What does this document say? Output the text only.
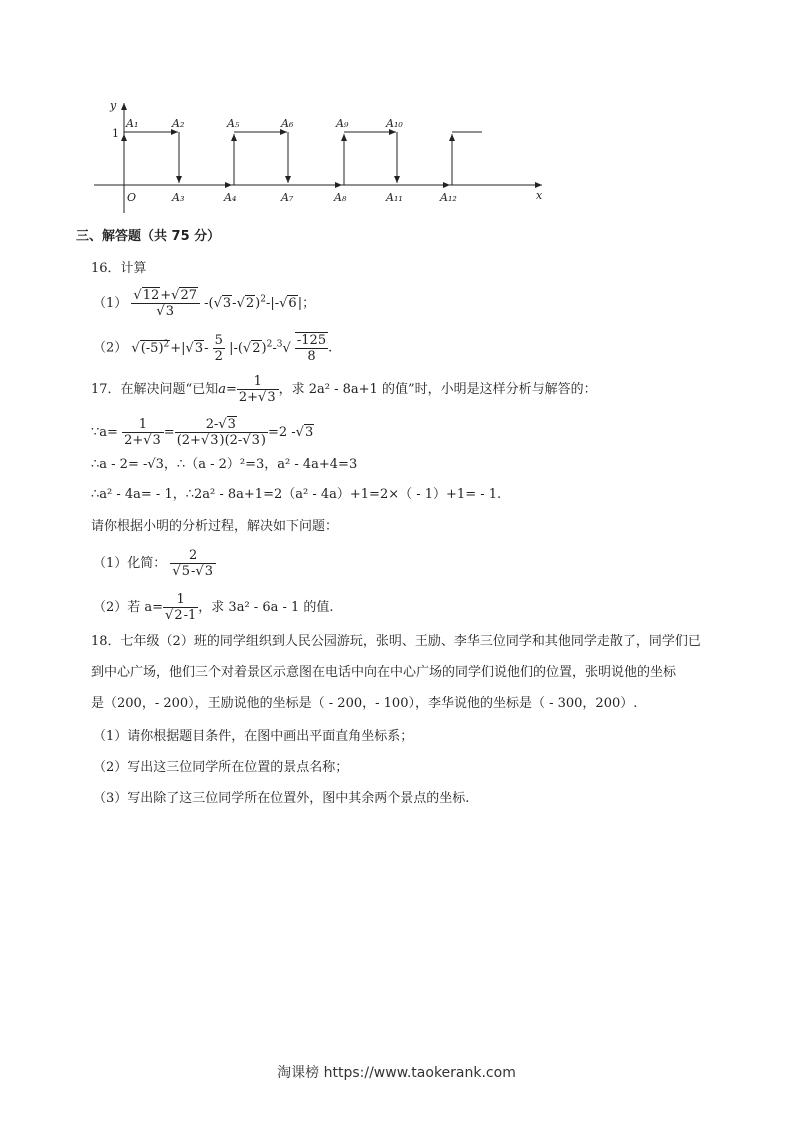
y
x
O
1
A₁	A₂	A₅	A₆	A₉	A₁₀
A₃	A₄	A₇	A₈	A₁₁	A₁₂
三、解答题（共 75 分）
16．计算
$(1) \frac{√12+√27}{√3} -(√3-√2)^2-|-√6|$；
（2） $√(-5)^2+|√3- \frac{5}{2} |-(√2)^2-^3√ \frac{-125}{8}$ .
17．在解决问题“已知$a= \frac{1}{2+√3}$ ，求 2a² - 8a+1 的值”时，小明是这样分析与解答的：
∵a= $\frac{1}{2+√3} = \frac{2-√3}{(2+√3)(2-√3)} =2$ -√3
∴a - 2= -√3，∴（a - 2）²=3，a² - 4a+4=3
∴a² - 4a= - 1，∴2a² - 8a+1=2（a² - 4a）+1=2×（ - 1）+1= - 1.
请你根据小明的分析过程，解决如下问题：
（1）化简： $\frac{2}{√5-√3}$
（2）若 $a= \frac{1}{√2-1}$ ，求 3a² - 6a - 1 的值.
18．七年级（2）班的同学组织到人民公园游玩，张明、王励、李华三位同学和其他同学走散了，同学们已
到中心广场，他们三个对着景区示意图在电话中向在中心广场的同学们说他们的位置，张明说他的坐标
是（200，- 200），王励说他的坐标是（ - 200，- 100），李华说他的坐标是（ - 300，200）.
（1）请你根据题目条件，在图中画出平面直角坐标系；
（2）写出这三位同学所在位置的景点名称；
（3）写出除了这三位同学所在位置外，图中其余两个景点的坐标.
淘课榜 https://www.taokerank.com
